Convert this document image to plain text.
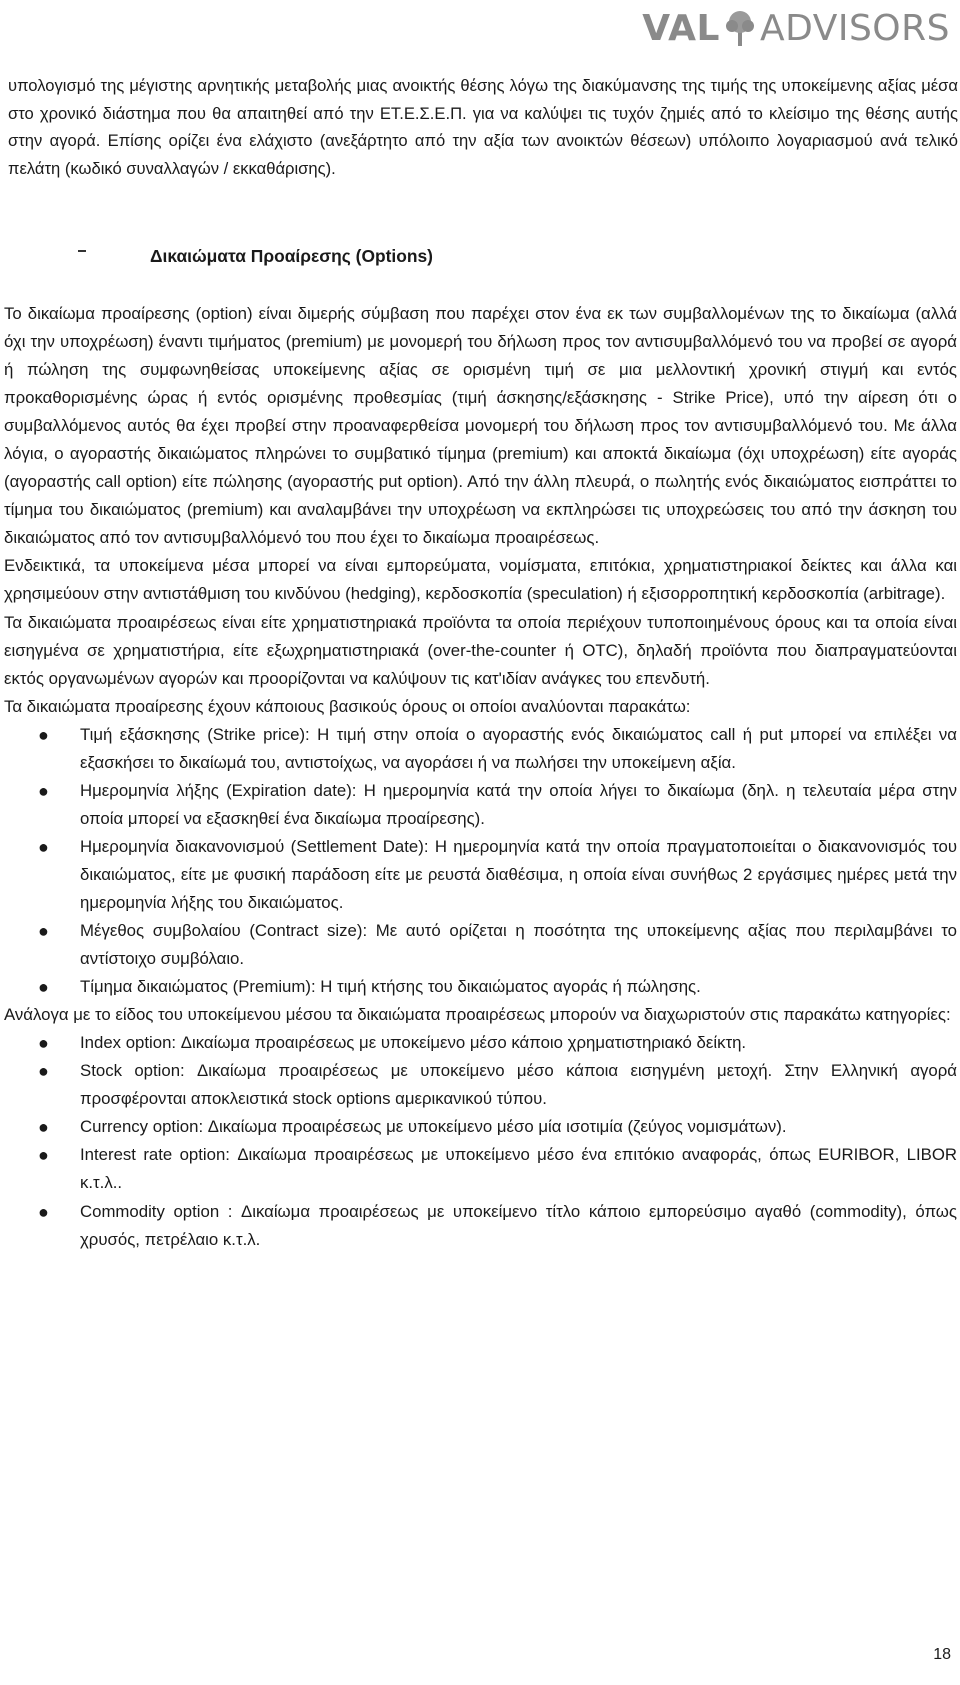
VAL ADVISORS

υπολογισμό της μέγιστης αρνητικής μεταβολής μιας ανοικτής θέσης λόγω της διακύμανσης της τιμής της υποκείμενης αξίας μέσα στο χρονικό διάστημα που θα απαιτηθεί από την ΕΤ.Ε.Σ.Ε.Π. για να καλύψει τις τυχόν ζημιές από το κλείσιμο της θέσης αυτής στην αγορά. Επίσης ορίζει ένα ελάχιστο (ανεξάρτητο από την αξία των ανοικτών θέσεων) υπόλοιπο λογαριασμού ανά τελικό πελάτη (κωδικό συναλλαγών / εκκαθάρισης).

Δικαιώματα Προαίρεσης (Options)

Το δικαίωμα προαίρεσης (option) είναι διμερής σύμβαση που παρέχει στον ένα εκ των συμβαλλομένων της το δικαίωμα (αλλά όχι την υποχρέωση) έναντι τιμήματος (premium) με μονομερή του δήλωση προς τον αντισυμβαλλόμενό του να προβεί σε αγορά ή πώληση της συμφωνηθείσας υποκείμενης αξίας σε ορισμένη τιμή σε μια μελλοντική χρονική στιγμή και εντός προκαθορισμένης ώρας ή εντός ορισμένης προθεσμίας (τιμή άσκησης/εξάσκησης - Strike Price), υπό την αίρεση ότι ο συμβαλλόμενος αυτός θα έχει προβεί στην προαναφερθείσα μονομερή του δήλωση προς τον αντισυμβαλλόμενό του. Με άλλα λόγια, ο αγοραστής δικαιώματος πληρώνει το συμβατικό τίμημα (premium) και αποκτά δικαίωμα (όχι υποχρέωση) είτε αγοράς (αγοραστής call option) είτε πώλησης (αγοραστής put option). Από την άλλη πλευρά, ο πωλητής ενός δικαιώματος εισπράττει το τίμημα του δικαιώματος (premium) και αναλαμβάνει την υποχρέωση να εκπληρώσει τις υποχρεώσεις του από την άσκηση του δικαιώματος από τον αντισυμβαλλόμενό του που έχει το δικαίωμα προαιρέσεως.

Ενδεικτικά, τα υποκείμενα μέσα μπορεί να είναι εμπορεύματα, νομίσματα, επιτόκια, χρηματιστηριακοί δείκτες και άλλα και χρησιμεύουν στην αντιστάθμιση του κινδύνου (hedging), κερδοσκοπία (speculation) ή εξισορροπητική κερδοσκοπία (arbitrage).

Τα δικαιώματα προαιρέσεως είναι είτε χρηματιστηριακά προϊόντα τα οποία περιέχουν τυποποιημένους όρους και τα οποία είναι εισηγμένα σε χρηματιστήρια, είτε εξωχρηματιστηριακά (over-the-counter ή OTC), δηλαδή προϊόντα που διαπραγματεύονται εκτός οργανωμένων αγορών και προορίζονται να καλύψουν τις κατ'ιδίαν ανάγκες του επενδυτή.

Τα δικαιώματα προαίρεσης έχουν κάποιους βασικούς όρους οι οποίοι αναλύονται παρακάτω:

● Τιμή εξάσκησης (Strike price): Η τιμή στην οποία ο αγοραστής ενός δικαιώματος call ή put μπορεί να επιλέξει να εξασκήσει το δικαίωμά του, αντιστοίχως, να αγοράσει ή να πωλήσει την υποκείμενη αξία.
● Ημερομηνία λήξης (Expiration date): Η ημερομηνία κατά την οποία λήγει το δικαίωμα (δηλ. η τελευταία μέρα στην οποία μπορεί να εξασκηθεί ένα δικαίωμα προαίρεσης).
● Ημερομηνία διακανονισμού (Settlement Date): Η ημερομηνία κατά την οποία πραγματοποιείται ο διακανονισμός του δικαιώματος, είτε με φυσική παράδοση είτε με ρευστά διαθέσιμα, η οποία είναι συνήθως 2 εργάσιμες ημέρες μετά την ημερομηνία λήξης του δικαιώματος.
● Μέγεθος συμβολαίου (Contract size): Με αυτό ορίζεται η ποσότητα της υποκείμενης αξίας που περιλαμβάνει το αντίστοιχο συμβόλαιο.
● Τίμημα δικαιώματος (Premium): Η τιμή κτήσης του δικαιώματος αγοράς ή πώλησης.

Ανάλογα με το είδος του υποκείμενου μέσου τα δικαιώματα προαιρέσεως μπορούν να διαχωριστούν στις παρακάτω κατηγορίες:

● Index option: Δικαίωμα προαιρέσεως με υποκείμενο μέσο κάποιο χρηματιστηριακό δείκτη.
● Stock option: Δικαίωμα προαιρέσεως με υποκείμενο μέσο κάποια εισηγμένη μετοχή. Στην Ελληνική αγορά προσφέρονται αποκλειστικά stock options αμερικανικού τύπου.
● Currency option: Δικαίωμα προαιρέσεως με υποκείμενο μέσο μία ισοτιμία (ζεύγος νομισμάτων).
● Interest rate option: Δικαίωμα προαιρέσεως με υποκείμενο μέσο ένα επιτόκιο αναφοράς, όπως EURIBOR, LIBOR κ.τ.λ..
● Commodity option : Δικαίωμα προαιρέσεως με υποκείμενο τίτλο κάποιο εμπορεύσιμο αγαθό (commodity), όπως χρυσός, πετρέλαιο κ.τ.λ.
18
